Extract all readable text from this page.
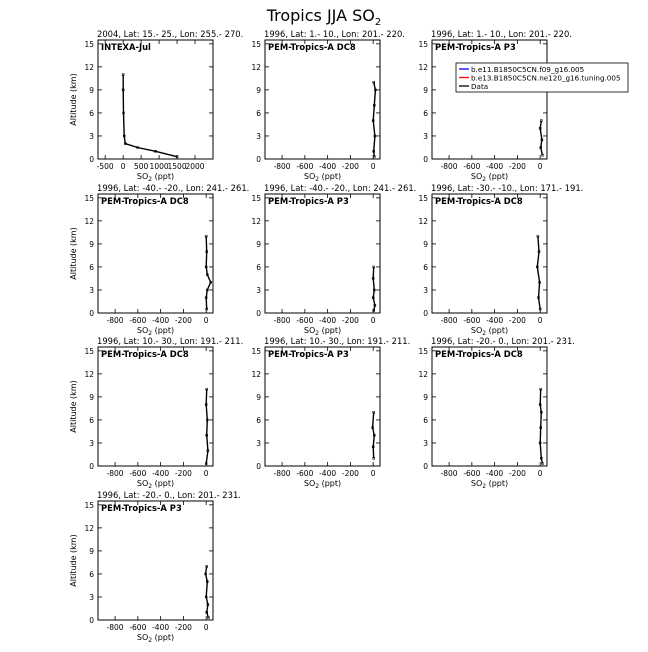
Tropics JJA $SO_2$
2004, Lat: 15.- 25., Lon: 255.- 270.
INTEXA-Jul
0
3
6
9
12
15
-500 0 500 1000
1500
2000
$SO_2$ (ppt)
Altitude (km)
1996, Lat: 1.- 10., Lon: 201.- 220.
PEM-Tropics-A DC8
0
3
6
9
12
15
-800 -600 -400 -200 0
$SO_2$ (ppt)
1996, Lat: 1.- 10., Lon: 201.- 220.
PEM-Tropics-A P3
0
3
6
9
12
15
-800 -600 -400 -200 0
$SO_2$ (ppt)
1996, Lat: -40.- -20., Lon: 241.- 261.
PEM-Tropics-A DC8
0
3
6
9
12
15
-800 -600 -400 -200 0
$SO_2$ (ppt)
Altitude (km)
1996, Lat: -40.- -20., Lon: 241.- 261.
PEM-Tropics-A P3
0
3
6
9
12
15
-800 -600 -400 -200 0
$SO_2$ (ppt)
1996, Lat: -30.- -10., Lon: 171.- 191.
PEM-Tropics-A DC8
0
3
6
9
12
15
-800 -600 -400 -200 0
$SO_2$ (ppt)
1996, Lat: 10.- 30., Lon: 191.- 211.
PEM-Tropics-A DC8
0
3
6
9
12
15
-800 -600 -400 -200 0
$SO_2$ (ppt)
Altitude (km)
1996, Lat: 10.- 30., Lon: 191.- 211.
PEM-Tropics-A P3
0
3
6
9
12
15
-800 -600 -400 -200 0
$SO_2$ (ppt)
1996, Lat: -20.- 0., Lon: 201.- 231.
PEM-Tropics-A DC8
0
3
6
9
12
15
-800 -600 -400 -200 0
$SO_2$ (ppt)
1996, Lat: -20.- 0., Lon: 201.- 231.
PEM-Tropics-A P3
0
3
6
9
12
15
-800 -600 -400 -200 0
$SO_2$ (ppt)
Altitude (km)
b.e11.B1850C5CN.f09_g16.005
b.e13.B1850C5CN.ne120_g16.tuning.005
Data
